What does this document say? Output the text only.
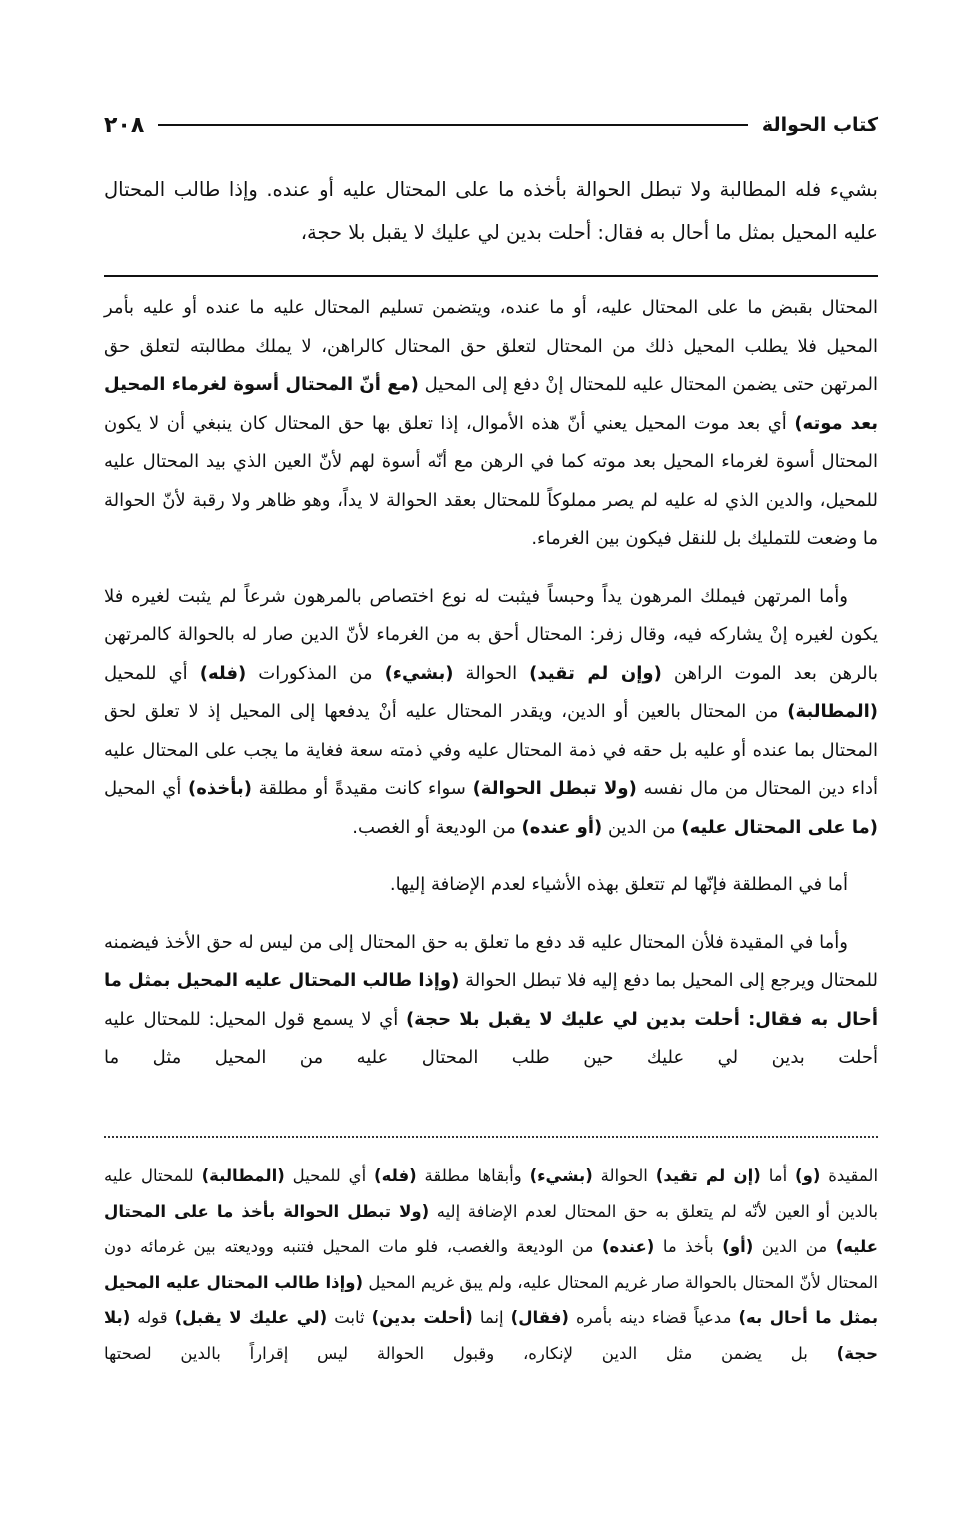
٢٠٨	كتاب الحوالة

بشيء فله المطالبة ولا تبطل الحوالة بأخذه ما على المحتال عليه أو عنده. وإذا طالب المحتال عليه المحيل بمثل ما أحال به فقال: أحلت بدين لي عليك لا يقبل بلا حجة،

المحتال بقبض ما على المحتال عليه، أو ما عنده، ويتضمن تسليم المحتال عليه ما عنده أو عليه بأمر المحيل فلا يطلب المحيل ذلك من المحتال لتعلق حق المحتال كالراهن، لا يملك مطالبته لتعلق حق المرتهن حتى يضمن المحتال عليه للمحتال إنْ دفع إلى المحيل (مع أنّ المحتال أسوة لغرماء المحيل بعد موته) أي بعد موت المحيل يعني أنّ هذه الأموال، إذا تعلق بها حق المحتال كان ينبغي أن لا يكون المحتال أسوة لغرماء المحيل بعد موته كما في الرهن مع أنّه أسوة لهم لأنّ العين الذي بيد المحتال عليه للمحيل، والدين الذي له عليه لم يصر مملوكاً للمحتال بعقد الحوالة لا يداً، وهو ظاهر ولا رقبة لأنّ الحوالة ما وضعت للتمليك بل للنقل فيكون بين الغرماء.

وأما المرتهن فيملك المرهون يداً وحبساً فيثبت له نوع اختصاص بالمرهون شرعاً لم يثبت لغيره فلا يكون لغيره إنْ يشاركه فيه، وقال زفر: المحتال أحق به من الغرماء لأنّ الدين صار له بالحوالة كالمرتهن بالرهن بعد الموت الراهن (وإن لم تقيد) الحوالة (بشيء) من المذكورات (فله) أي للمحيل (المطالبة) من المحتال بالعين أو الدين، ويقدر المحتال عليه أنْ يدفعها إلى المحيل إذ لا تعلق لحق المحتال بما عنده أو عليه بل حقه في ذمة المحتال عليه وفي ذمته سعة فغاية ما يجب على المحتال عليه أداء دين المحتال من مال نفسه (ولا تبطل الحوالة) سواء كانت مقيدةً أو مطلقة (بأخذه) أي المحيل (ما على المحتال عليه) من الدين (أو عنده) من الوديعة أو الغصب.

أما في المطلقة فإنّها لم تتعلق بهذه الأشياء لعدم الإضافة إليها.

وأما في المقيدة فلأن المحتال عليه قد دفع ما تعلق به حق المحتال إلى من ليس له حق الأخذ فيضمنه للمحتال ويرجع إلى المحيل بما دفع إليه فلا تبطل الحوالة (وإذا طالب المحتال عليه المحيل بمثل ما أحال به فقال: أحلت بدين لي عليك لا يقبل بلا حجة) أي لا يسمع قول المحيل: للمحتال عليه أحلت بدين لي عليك حين طلب المحتال عليه من المحيل مثل ما

المقيدة (و) أما (إن لم تقيد) الحوالة (بشيء) وأبقاها مطلقة (فله) أي للمحيل (المطالبة) للمحتال عليه بالدين أو العين لأنّه لم يتعلق به حق المحتال لعدم الإضافة إليه (ولا تبطل الحوالة بأخذ ما على المحتال عليه) من الدين (أو) بأخذ ما (عنده) من الوديعة والغصب، فلو مات المحيل فتنبه ووديعته بين غرمائه دون المحتال لأنّ المحتال بالحوالة صار غريم المحتال عليه، ولم يبق غريم المحيل (وإذا طالب المحتال عليه المحيل بمثل ما أحال به) مدعياً قضاء دينه بأمره (فقال) إنما (أحلت بدين) ثابت (لي عليك لا يقبل) قوله (بلا حجة) بل يضمن مثل الدين لإنكاره، وقبول الحوالة ليس إقراراً بالدين لصحتها
